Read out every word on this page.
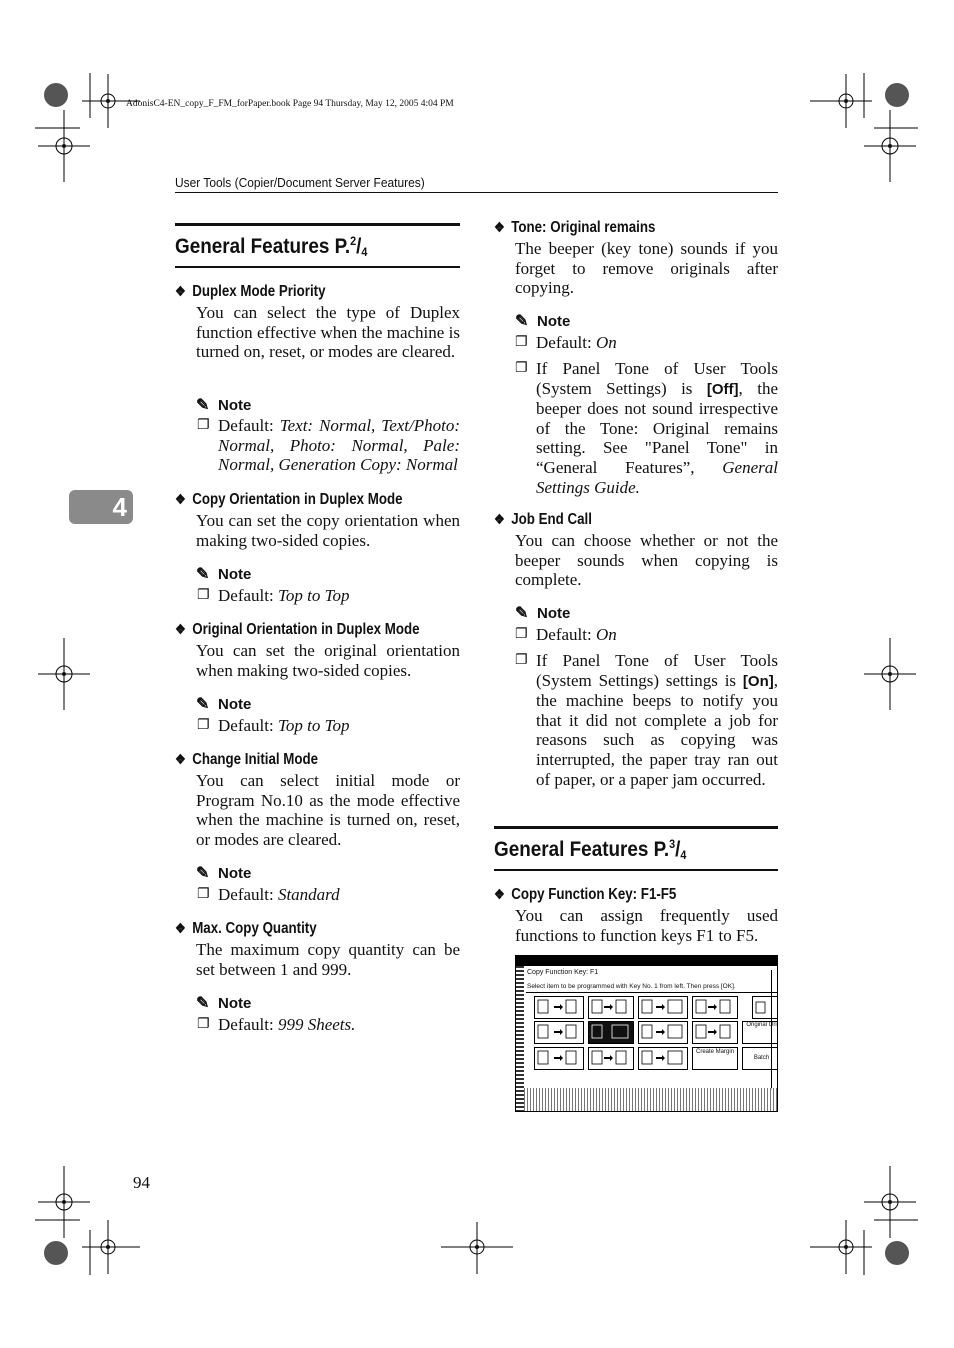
AdonisC4-EN_copy_F_FM_forPaper.book Page 94 Thursday, May 12, 2005 4:04 PM
User Tools (Copier/Document Server Features)
4
94
General Features $P.^2/_4$
❖ Duplex Mode Priority
You can select the type of Duplex function effective when the machine is turned on, reset, or modes are cleared.
✎ Note
❐ Default: Text: Normal, Text/Photo: Normal, Photo: Normal, Pale: Normal, Generation Copy: Normal
❖ Copy Orientation in Duplex Mode
You can set the copy orientation when making two-sided copies.
✎ Note
❐ Default: Top to Top
❖ Original Orientation in Duplex Mode
You can set the original orientation when making two-sided copies.
✎ Note
❐ Default: Top to Top
❖ Change Initial Mode
You can select initial mode or Program No.10 as the mode effective when the machine is turned on, reset, or modes are cleared.
✎ Note
❐ Default: Standard
❖ Max. Copy Quantity
The maximum copy quantity can be set between 1 and 999.
✎ Note
❐ Default: 999 Sheets.
❖ Tone: Original remains
The beeper (key tone) sounds if you forget to remove originals after copying.
✎ Note
❐ Default: On
❐ If Panel Tone of User Tools (System Settings) is [Off], the beeper does not sound irrespective of the Tone: Original remains setting. See "Panel Tone" in “General Features”, General Settings Guide.
❖ Job End Call
You can choose whether or not the beeper sounds when copying is complete.
✎ Note
❐ Default: On
❐ If Panel Tone of User Tools (System Settings) settings is [On], the machine beeps to notify you that it did not complete a job for reasons such as copying was interrupted, the paper tray ran out of paper, or a paper jam occurred.
General Features $P.^3/_4$
❖ Copy Function Key: F1-F5
You can assign frequently used functions to function keys F1 to F5.
Copy Function Key: F1
Select item to be programmed with Key No. 1 from left. Then press [OK].
Original Ori
Create Margin
Batch
